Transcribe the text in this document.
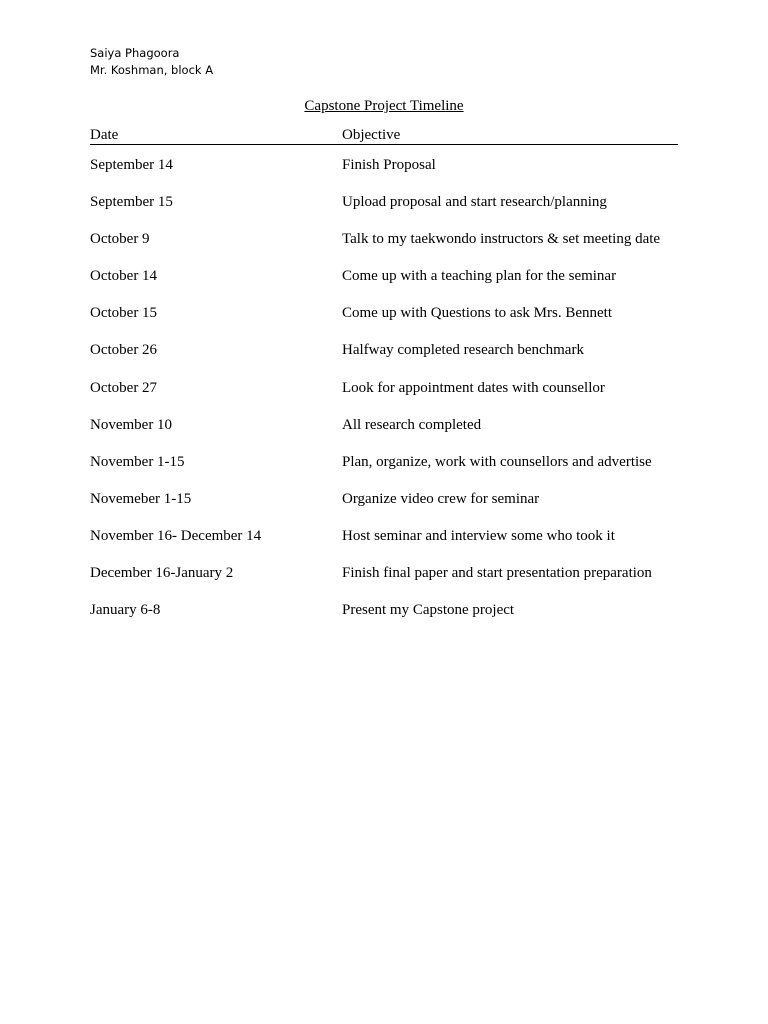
Saiya Phagoora
Mr. Koshman, block A
Capstone Project Timeline
Date	Objective
September 14	Finish Proposal
September 15	Upload proposal and start research/planning
October 9	Talk to my taekwondo instructors & set meeting date
October 14	Come up with a teaching plan for the seminar
October 15	Come up with Questions to ask Mrs. Bennett
October 26	Halfway completed research benchmark
October 27	Look for appointment dates with counsellor
November 10	All research completed
November 1-15	Plan, organize, work with counsellors and advertise
Novemeber 1-15	Organize video crew for seminar
November 16- December 14	Host seminar and interview some who took it
December 16-January 2	Finish final paper and start presentation preparation
January 6-8	Present my Capstone project
